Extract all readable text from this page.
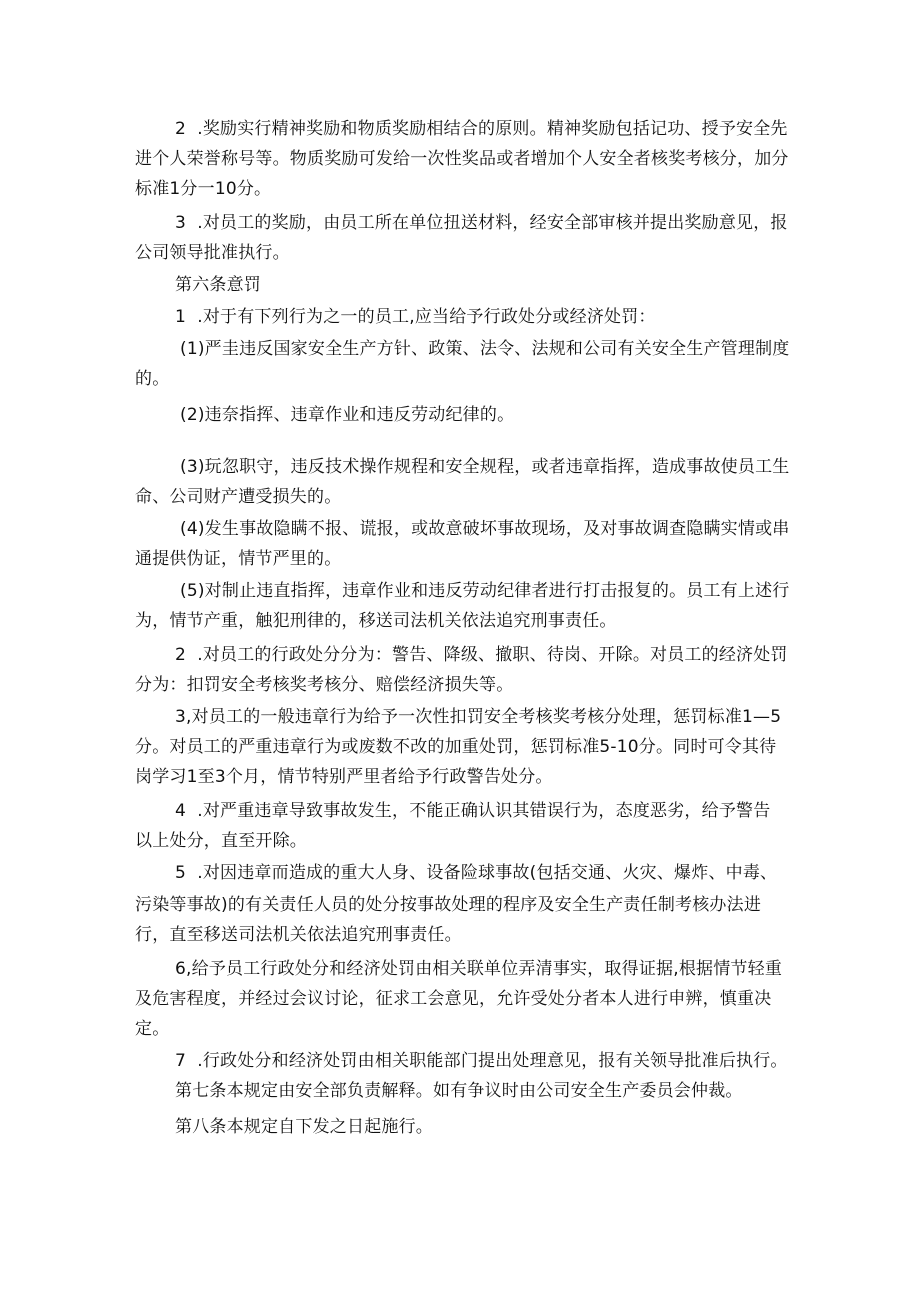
2  .奖励实行精神奖励和物质奖励相结合的原则。精神奖励包括记功、授予安全先
进个人荣誉称号等。物质奖励可发给一次性奖品或者增加个人安全者核奖考核分，加分
标准1分一10分。
3  .对员工的奖励，由员工所在单位扭送材料，经安全部审核并提出奖励意见，报
公司领导批准执行。
第六条意罚
1  .对于有下列行为之一的员工,应当给予行政处分或经济处罚：
(1)严圭违反国家安全生产方针、政策、法令、法规和公司有关安全生产管理制度
的。
(2)违奈指挥、违章作业和违反劳动纪律的。
(3)玩忽职守，违反技术操作规程和安全规程，或者违章指挥，造成事故使员工生
命、公司财产遭受损失的。
(4)发生事故隐瞒不报、谎报，或故意破坏事故现场，及对事故调查隐瞒实情或串
通提供伪证，情节严里的。
(5)对制止违直指挥，违章作业和违反劳动纪律者进行打击报复的。员工有上述行
为，情节产重，触犯刑律的，移送司法机关依法追究刑事责任。
2  .对员工的行政处分分为：警告、降级、撤职、待岗、开除。对员工的经济处罚
分为：扣罚安全考核奖考核分、赔偿经济损失等。
3,对员工的一般违章行为给予一次性扣罚安全考核奖考核分处理，惩罚标准1—5
分。对员工的严重违章行为或废数不改的加重处罚，惩罚标准5-10分。同时可令其待
岗学习1至3个月，情节特别严里者给予行政警告处分。
4  .对严重违章导致事故发生，不能正确认识其错误行为，态度恶劣，给予警告
以上处分，直至开除。
5  .对因违章而造成的重大人身、设备险球事故(包括交通、火灾、爆炸、中毒、
污染等事故)的有关责任人员的处分按事故处理的程序及安全生产责任制考核办法进
行，直至移送司法机关依法追究刑事责任。
6,给予员工行政处分和经济处罚由相关联单位弄清事实，取得证据,根据情节轻重
及危害程度，并经过会议讨论，征求工会意见，允许受处分者本人进行申辨，慎重决
定。
7  .行政处分和经济处罚由相关职能部门提出处理意见，报有关领导批准后执行。
第七条本规定由安全部负责解释。如有争议时由公司安全生产委员会仲裁。
第八条本规定自下发之日起施行。
